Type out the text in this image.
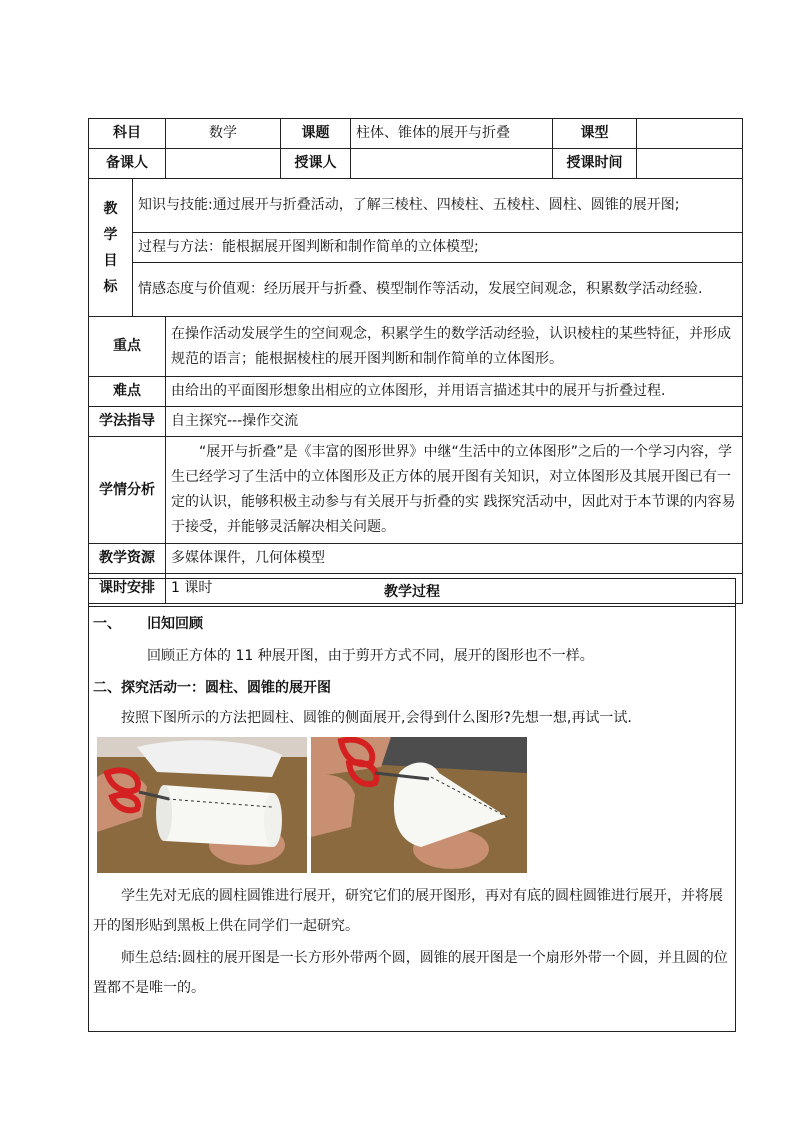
科目		数学	课题	柱体、锥体的展开与折叠	课型	
备课人			授课人		授课时间	
教学目标	知识与技能:通过展开与折叠活动，了解三棱柱、四棱柱、五棱柱、圆柱、圆锥的展开图;					
	过程与方法：能根据展开图判断和制作简单的立体模型;					
	情感态度与价值观：经历展开与折叠、模型制作等活动，发展空间观念，积累数学活动经验.					
重点		在操作活动发展学生的空间观念，积累学生的数学活动经验，认识棱柱的某些特征，并形成规范的语言；能根据棱柱的展开图判断和制作简单的立体图形。				
难点		由给出的平面图形想象出相应的立体图形，并用语言描述其中的展开与折叠过程.				
学法指导		自主探究---操作交流				
学情分析		“展开与折叠”是《丰富的图形世界》中继“生活中的立体图形”之后的一个学习内容，学生已经学习了生活中的立体图形及正方体的展开图有关知识，对立体图形及其展开图已有一定的认识，能够积极主动参与有关展开与折叠的实 践探究活动中，因此对于本节课的内容易于接受，并能够灵活解决相关问题。				
教学资源		多媒体课件，几何体模型				
课时安排		1 课时					教学过程
一、 旧知回顾
回顾正方体的 11 种展开图，由于剪开方式不同，展开的图形也不一样。
二、探究活动一：圆柱、圆锥的展开图
按照下图所示的方法把圆柱、圆锥的侧面展开,会得到什么图形?先想一想,再试一试.
学生先对无底的圆柱圆锥进行展开，研究它们的展开图形，再对有底的圆柱圆锥进行展开，并将展开的图形贴到黑板上供在同学们一起研究。
师生总结:圆柱的展开图是一长方形外带两个圆，圆锥的展开图是一个扇形外带一个圆，并且圆的位置都不是唯一的。
